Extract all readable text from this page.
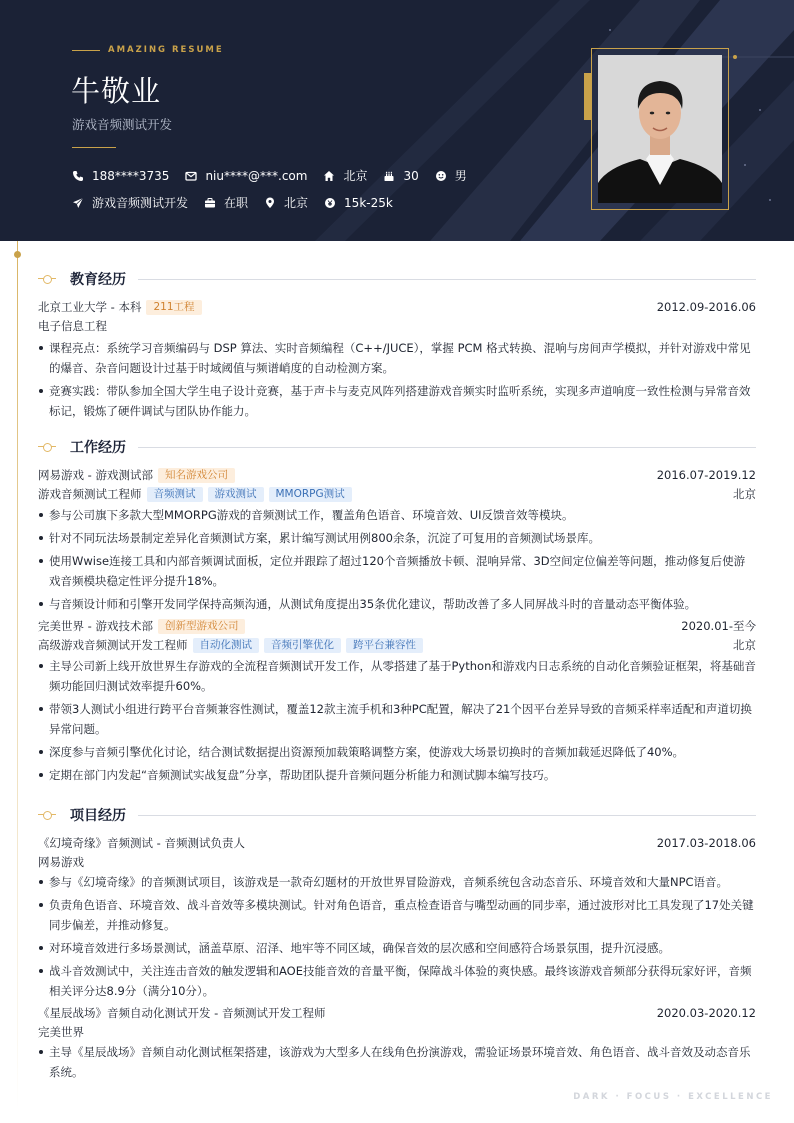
AMAZING RESUME
牛敬业
游戏音频测试开发
188****3735	niu****@***.com	北京	30	男
游戏音频测试开发	在职	北京	15k-25k
教育经历
北京工业大学 - 本科	211工程	2012.09-2016.06
电子信息工程
课程亮点：系统学习音频编码与 DSP 算法、实时音频编程（C++/JUCE），掌握 PCM 格式转换、混响与房间声学模拟，并针对游戏中常见的爆音、杂音问题设计过基于时域阈值与频谱峭度的自动检测方案。
竞赛实践：带队参加全国大学生电子设计竞赛，基于声卡与麦克风阵列搭建游戏音频实时监听系统，实现多声道响度一致性检测与异常音效标记，锻炼了硬件调试与团队协作能力。
工作经历
网易游戏 - 游戏测试部	知名游戏公司	2016.07-2019.12
游戏音频测试工程师	音频测试	游戏测试	MMORPG测试	北京
参与公司旗下多款大型MMORPG游戏的音频测试工作，覆盖角色语音、环境音效、UI反馈音效等模块。
针对不同玩法场景制定差异化音频测试方案，累计编写测试用例800余条，沉淀了可复用的音频测试场景库。
使用Wwise连接工具和内部音频调试面板，定位并跟踪了超过120个音频播放卡顿、混响异常、3D空间定位偏差等问题，推动修复后使游戏音频模块稳定性评分提升18%。
与音频设计师和引擎开发同学保持高频沟通，从测试角度提出35条优化建议，帮助改善了多人同屏战斗时的音量动态平衡体验。
完美世界 - 游戏技术部	创新型游戏公司	2020.01-至今
高级游戏音频测试开发工程师	自动化测试	音频引擎优化	跨平台兼容性	北京
主导公司新上线开放世界生存游戏的全流程音频测试开发工作，从零搭建了基于Python和游戏内日志系统的自动化音频验证框架，将基础音频功能回归测试效率提升60%。
带领3人测试小组进行跨平台音频兼容性测试，覆盖12款主流手机和3种PC配置，解决了21个因平台差异导致的音频采样率适配和声道切换异常问题。
深度参与音频引擎优化讨论，结合测试数据提出资源预加载策略调整方案，使游戏大场景切换时的音频加载延迟降低了40%。
定期在部门内发起“音频测试实战复盘”分享，帮助团队提升音频问题分析能力和测试脚本编写技巧。
项目经历
《幻境奇缘》音频测试 - 音频测试负责人	2017.03-2018.06
网易游戏
参与《幻境奇缘》的音频测试项目，该游戏是一款奇幻题材的开放世界冒险游戏，音频系统包含动态音乐、环境音效和大量NPC语音。
负责角色语音、环境音效、战斗音效等多模块测试。针对角色语音，重点检查语音与嘴型动画的同步率，通过波形对比工具发现了17处关键同步偏差，并推动修复。
对环境音效进行多场景测试，涵盖草原、沼泽、地牢等不同区域，确保音效的层次感和空间感符合场景氛围，提升沉浸感。
战斗音效测试中，关注连击音效的触发逻辑和AOE技能音效的音量平衡，保障战斗体验的爽快感。最终该游戏音频部分获得玩家好评，音频相关评分达8.9分（满分10分）。
《星辰战场》音频自动化测试开发 - 音频测试开发工程师	2020.03-2020.12
完美世界
主导《星辰战场》音频自动化测试框架搭建，该游戏为大型多人在线角色扮演游戏，需验证场景环境音效、角色语音、战斗音效及动态音乐系统。
DARK · FOCUS · EXCELLENCE
